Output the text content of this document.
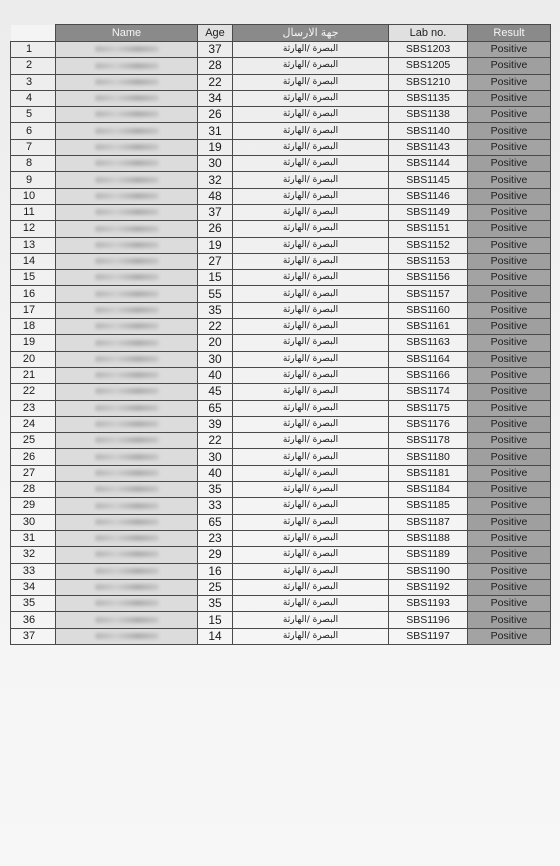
	Name	Age	جهة الارسال	Lab no.	Result
1		37	البصرة /الهارثة	SBS1203	Positive
2		28	البصرة /الهارثة	SBS1205	Positive
3		22	البصرة /الهارثة	SBS1210	Positive
4		34	البصرة /الهارثة	SBS1135	Positive
5		26	البصرة /الهارثة	SBS1138	Positive
6		31	البصرة /الهارثة	SBS1140	Positive
7		19	البصرة /الهارثة	SBS1143	Positive
8		30	البصرة /الهارثة	SBS1144	Positive
9		32	البصرة /الهارثة	SBS1145	Positive
10		48	البصرة /الهارثة	SBS1146	Positive
11		37	البصرة /الهارثة	SBS1149	Positive
12		26	البصرة /الهارثة	SBS1151	Positive
13		19	البصرة /الهارثة	SBS1152	Positive
14		27	البصرة /الهارثة	SBS1153	Positive
15		15	البصرة /الهارثة	SBS1156	Positive
16		55	البصرة /الهارثة	SBS1157	Positive
17		35	البصرة /الهارثة	SBS1160	Positive
18		22	البصرة /الهارثة	SBS1161	Positive
19		20	البصرة /الهارثة	SBS1163	Positive
20		30	البصرة /الهارثة	SBS1164	Positive
21		40	البصرة /الهارثة	SBS1166	Positive
22		45	البصرة /الهارثة	SBS1174	Positive
23		65	البصرة /الهارثة	SBS1175	Positive
24		39	البصرة /الهارثة	SBS1176	Positive
25		22	البصرة /الهارثة	SBS1178	Positive
26		30	البصرة /الهارثة	SBS1180	Positive
27		40	البصرة /الهارثة	SBS1181	Positive
28		35	البصرة /الهارثة	SBS1184	Positive
29		33	البصرة /الهارثة	SBS1185	Positive
30		65	البصرة /الهارثة	SBS1187	Positive
31		23	البصرة /الهارثة	SBS1188	Positive
32		29	البصرة /الهارثة	SBS1189	Positive
33		16	البصرة /الهارثة	SBS1190	Positive
34		25	البصرة /الهارثة	SBS1192	Positive
35		35	البصرة /الهارثة	SBS1193	Positive
36		15	البصرة /الهارثة	SBS1196	Positive
37		14	البصرة /الهارثة	SBS1197	Positive
